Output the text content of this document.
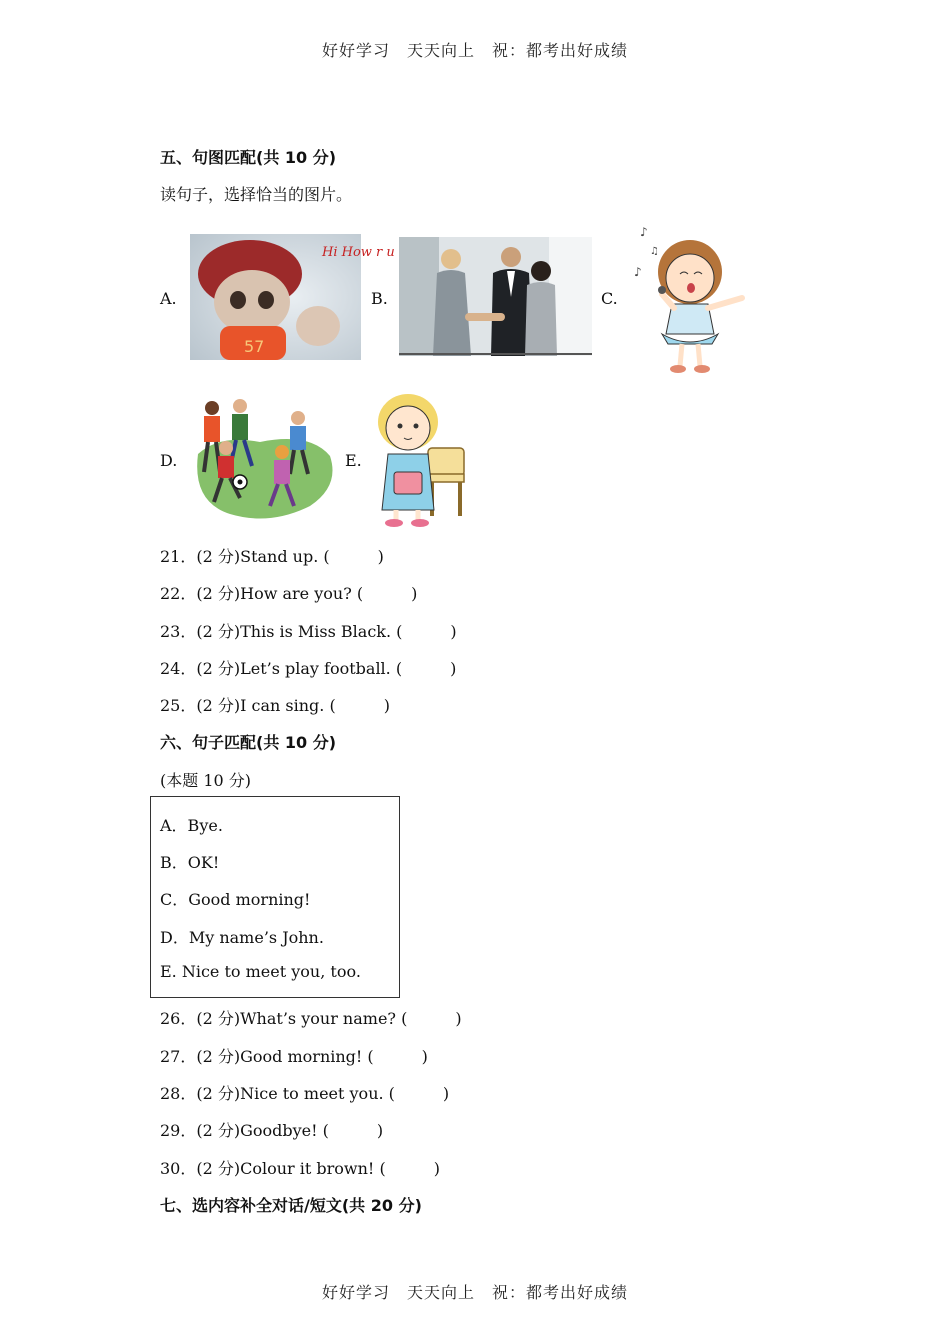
好好学习　天天向上　祝：都考出好成绩
五、句图匹配(共 10 分)
读句子，选择恰当的图片。
A.
57
Hi How r u
B.	C.
♪
♪
♫
D.	E.
21．(2 分)Stand up. (　　　)
22．(2 分)How are you? (　　　)
23．(2 分)This is Miss Black. (　　　)
24．(2 分)Let’s play football. (　　　)
25．(2 分)I can sing. (　　　)
六、句子匹配(共 10 分)
(本题 10 分)
A．Bye.
B．OK!
C．Good morning!
D．My name’s John.
E. Nice to meet you, too.
26．(2 分)What’s your name? (　　　)
27．(2 分)Good morning! (　　　)
28．(2 分)Nice to meet you. (　　　)
29．(2 分)Goodbye! (　　　)
30．(2 分)Colour it brown! (　　　)
七、选内容补全对话/短文(共 20 分)
好好学习　天天向上　祝：都考出好成绩
